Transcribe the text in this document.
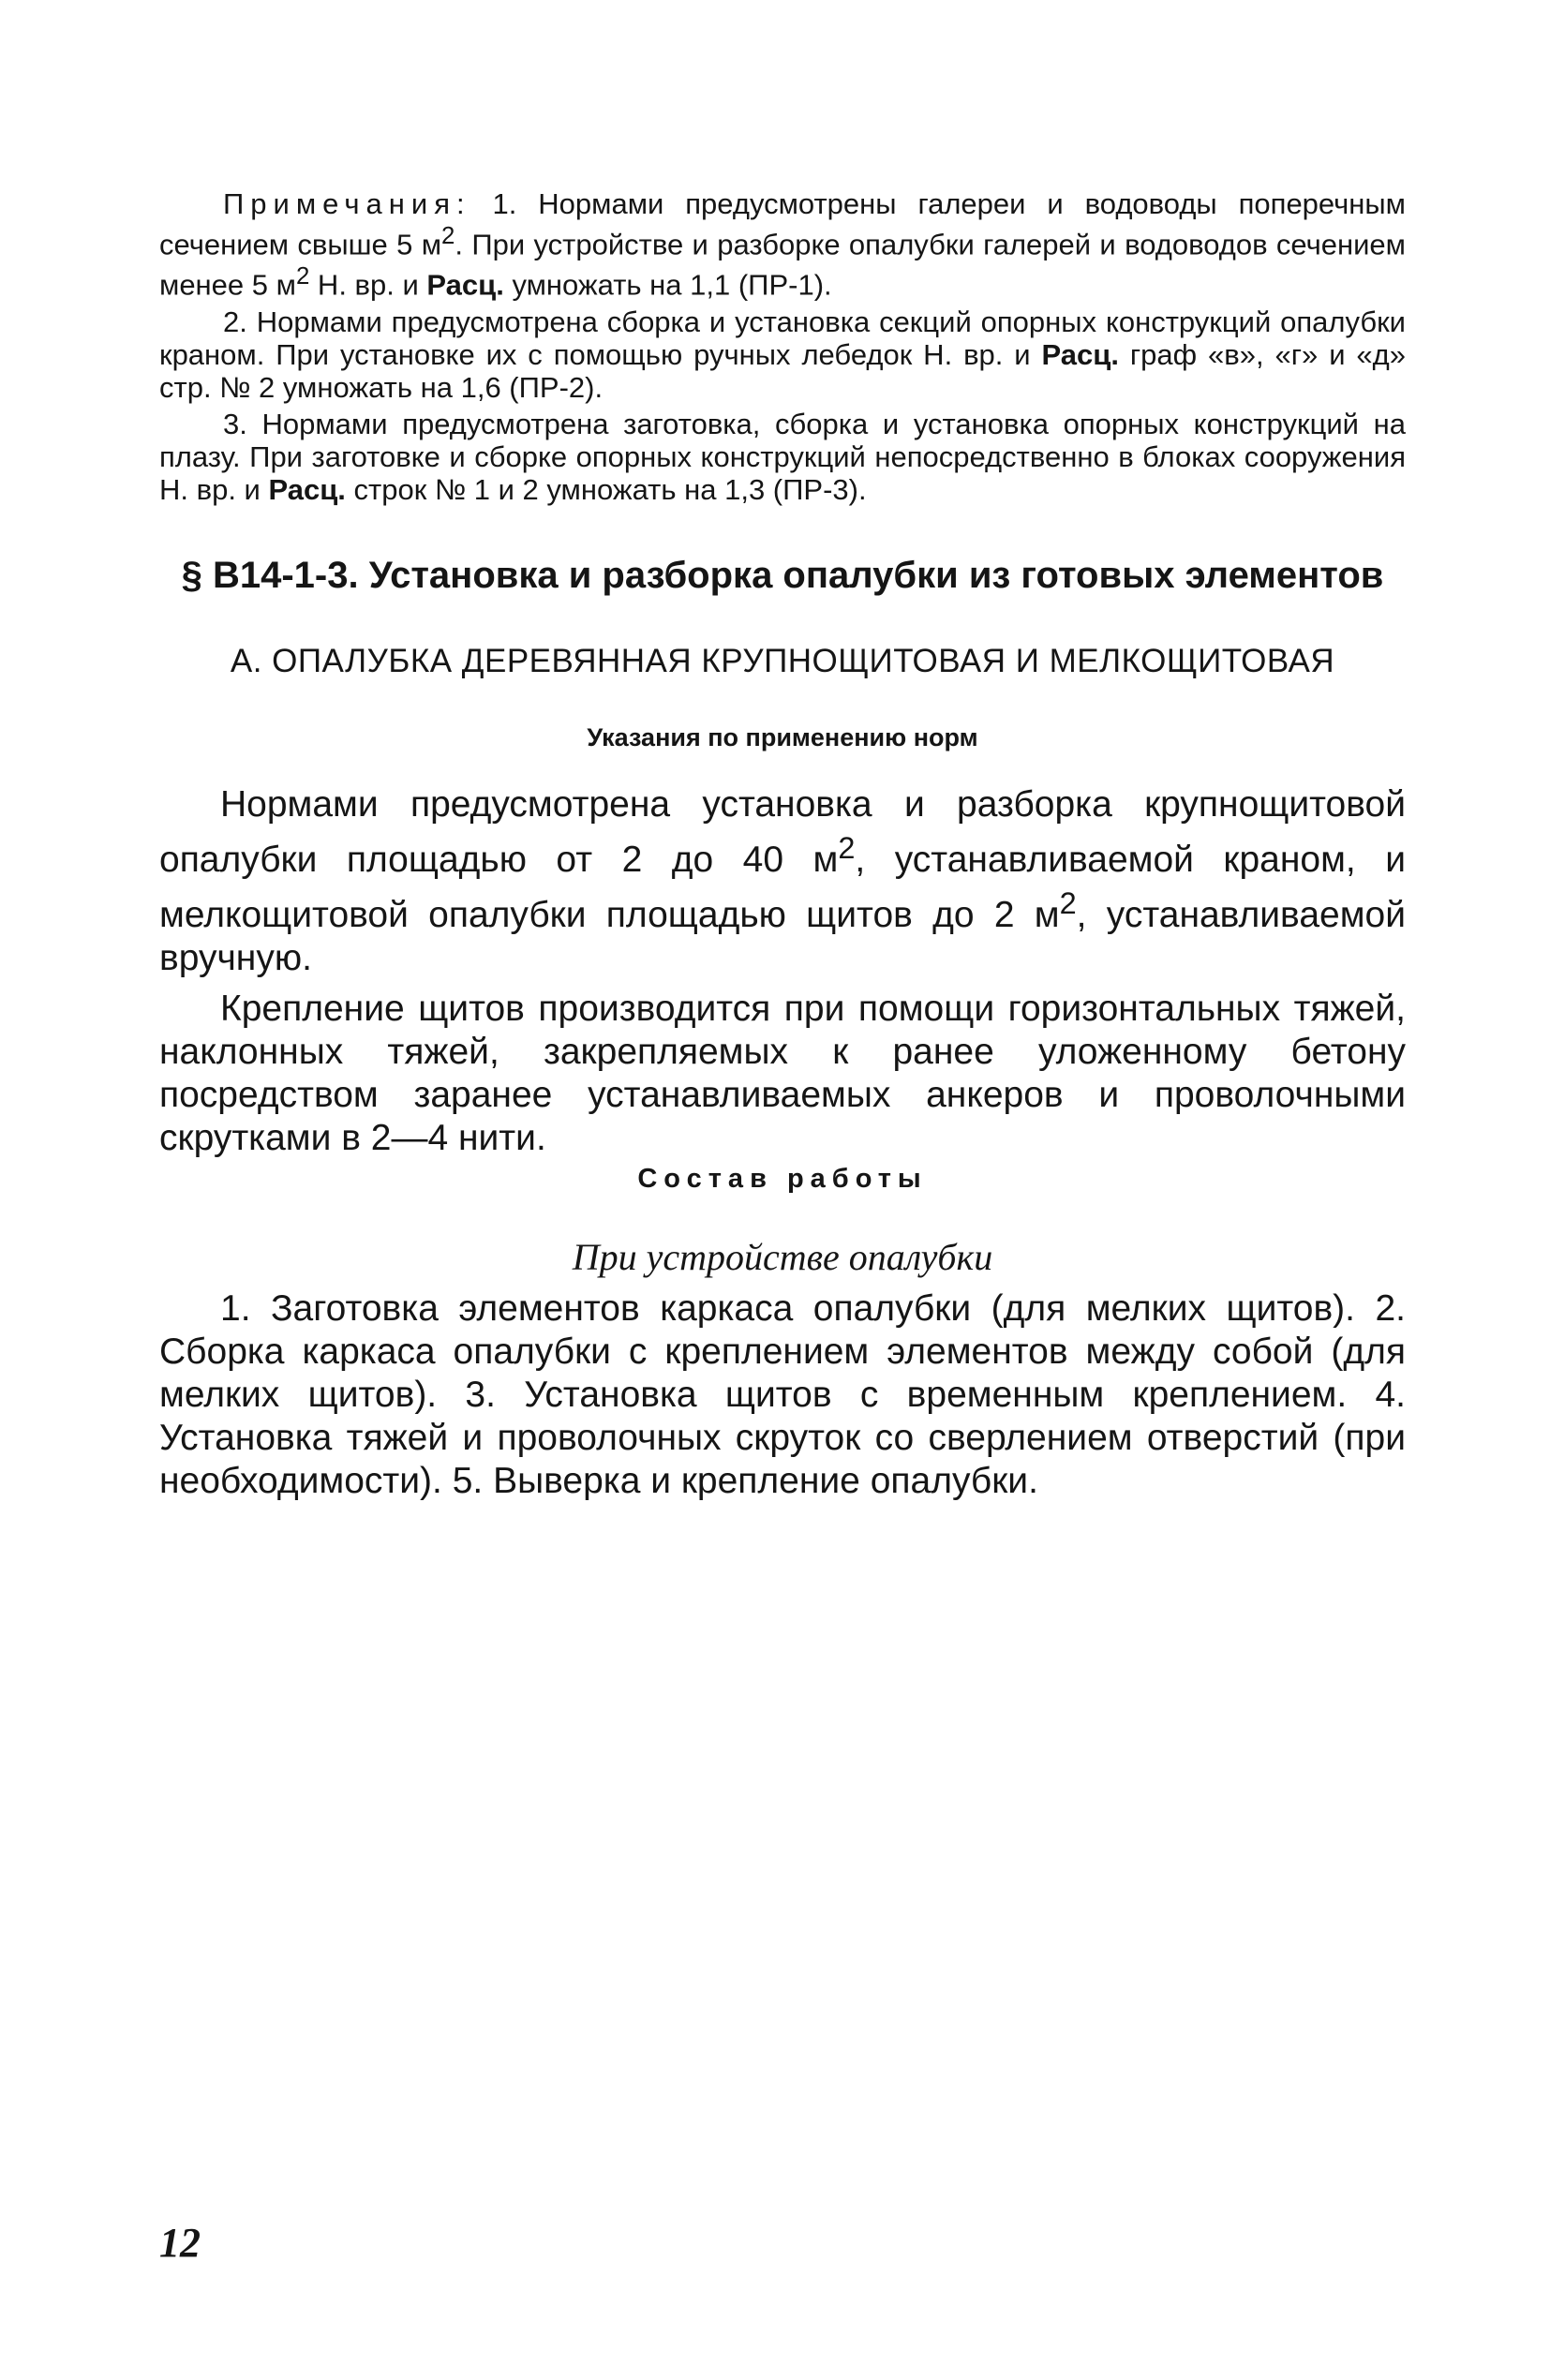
Примечания: 1. Нормами предусмотрены галереи и водоводы поперечным сечением свыше 5 $м^2$. При устройстве и разборке опалубки галерей и водоводов сечением менее 5 $м^2$ Н. вр. и Расц. умножать на 1,1 (ПР-1).

2. Нормами предусмотрена сборка и установка секций опорных конструкций опалубки краном. При установке их с помощью ручных лебедок Н. вр. и Расц. граф «в», «г» и «д» стр. № 2 умножать на 1,6 (ПР-2).

3. Нормами предусмотрена заготовка, сборка и установка опорных конструкций на плазу. При заготовке и сборке опорных конструкций непосредственно в блоках сооружения Н. вр. и Расц. строк № 1 и 2 умножать на 1,3 (ПР-3).

§ В14-1-3. Установка и разборка опалубки из готовых элементов
А. ОПАЛУБКА ДЕРЕВЯННАЯ КРУПНОЩИТОВАЯ И МЕЛКОЩИТОВАЯ
Указания по применению норм

Нормами предусмотрена установка и разборка крупнощитовой опалубки площадью от 2 до 40 $м^2$, устанавливаемой краном, и мелкощитовой опалубки площадью щитов до 2 $м^2$, устанавливаемой вручную.

Крепление щитов производится при помощи горизонтальных тяжей, наклонных тяжей, закрепляемых к ранее уложенному бетону посредством заранее устанавливаемых анкеров и проволочными скрутками в 2—4 нити.

Состав работы
При устройстве опалубки

1. Заготовка элементов каркаса опалубки (для мелких щитов). 2. Сборка каркаса опалубки с креплением элементов между собой (для мелких щитов). 3. Установка щитов с временным креплением. 4. Установка тяжей и проволочных скруток со сверлением отверстий (при необходимости). 5. Выверка и крепление опалубки.

12
